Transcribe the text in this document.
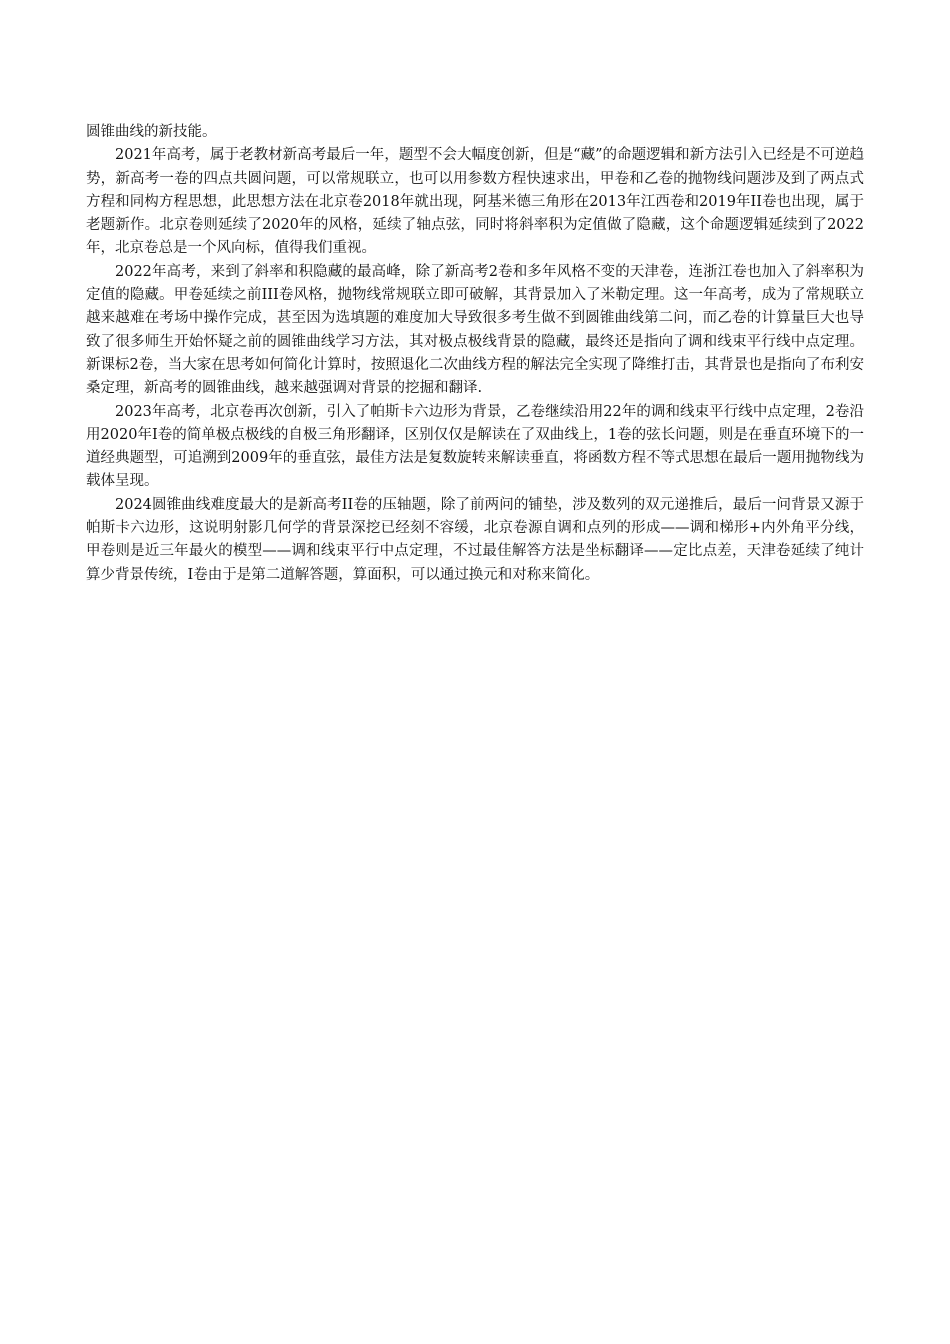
圆锥曲线的新技能。

2021年高考，属于老教材新高考最后一年，题型不会大幅度创新，但是“藏”的命题逻辑和新方法引入已经是不可逆趋势，新高考一卷的四点共圆问题，可以常规联立，也可以用参数方程快速求出，甲卷和乙卷的抛物线问题涉及到了两点式方程和同构方程思想，此思想方法在北京卷2018年就出现，阿基米德三角形在2013年江西卷和2019年II卷也出现，属于老题新作。北京卷则延续了2020年的风格，延续了轴点弦，同时将斜率积为定值做了隐藏，这个命题逻辑延续到了2022年，北京卷总是一个风向标，值得我们重视。

2022年高考，来到了斜率和积隐藏的最高峰，除了新高考2卷和多年风格不变的天津卷，连浙江卷也加入了斜率积为定值的隐藏。甲卷延续之前III卷风格，抛物线常规联立即可破解，其背景加入了米勒定理。这一年高考，成为了常规联立越来越难在考场中操作完成，甚至因为选填题的难度加大导致很多考生做不到圆锥曲线第二问，而乙卷的计算量巨大也导致了很多师生开始怀疑之前的圆锥曲线学习方法，其对极点极线背景的隐藏，最终还是指向了调和线束平行线中点定理。新课标2卷，当大家在思考如何简化计算时，按照退化二次曲线方程的解法完全实现了降维打击，其背景也是指向了布利安桑定理，新高考的圆锥曲线，越来越强调对背景的挖掘和翻译.

2023年高考，北京卷再次创新，引入了帕斯卡六边形为背景，乙卷继续沿用22年的调和线束平行线中点定理，2卷沿用2020年I卷的简单极点极线的自极三角形翻译，区别仅仅是解读在了双曲线上，1卷的弦长问题，则是在垂直环境下的一道经典题型，可追溯到2009年的垂直弦，最佳方法是复数旋转来解读垂直，将函数方程不等式思想在最后一题用抛物线为载体呈现。

2024圆锥曲线难度最大的是新高考II卷的压轴题，除了前两问的铺垫，涉及数列的双元递推后，最后一问背景又源于帕斯卡六边形，这说明射影几何学的背景深挖已经刻不容缓，北京卷源自调和点列的形成——调和梯形+内外角平分线，甲卷则是近三年最火的模型——调和线束平行中点定理，不过最佳解答方法是坐标翻译——定比点差，天津卷延续了纯计算少背景传统，I卷由于是第二道解答题，算面积，可以通过换元和对称来简化。
